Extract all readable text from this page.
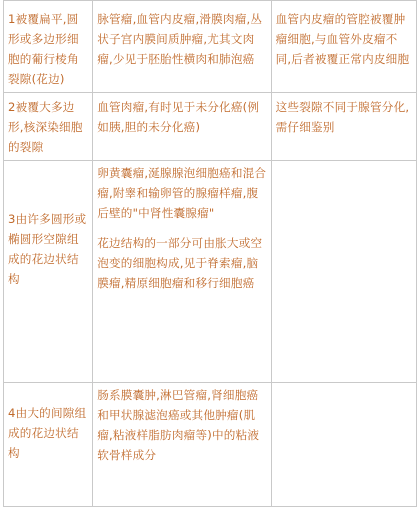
1被覆扁平,圆形或多边形细胞的葡行棱角裂隙(花边)	脉管瘤,血管内皮瘤,滑膜肉瘤,丛状子宫内膜间质肿瘤,尤其文肉瘤,少见于胚胎性横肉和肺泡癌	血管内皮瘤的管腔被覆肿瘤细胞,与血管外皮瘤不同,后者被覆正常内皮细胞

2被覆大多边形,核深染细胞的裂隙	血管肉瘤,有时见于未分化癌(例如胰,胆的未分化癌)	这些裂隙不同于腺管分化,需仔细鉴别

3由许多圆形或椭圆形空隙组成的花边状结构	卵黄囊瘤,涎腺腺泡细胞癌和混合瘤,附睾和输卵管的腺瘤样瘤,腹后壁的"中肾性囊腺瘤"
花边结构的一部分可由胀大或空泡变的细胞构成,见于脊索瘤,脑膜瘤,精原细胞瘤和移行细胞癌	

4由大的间隙组成的花边状结构	肠系膜囊肿,淋巴管瘤,肾细胞癌和甲状腺滤泡癌或其他肿瘤(肌瘤,粘液样脂肪肉瘤等)中的粘液软骨样成分	
